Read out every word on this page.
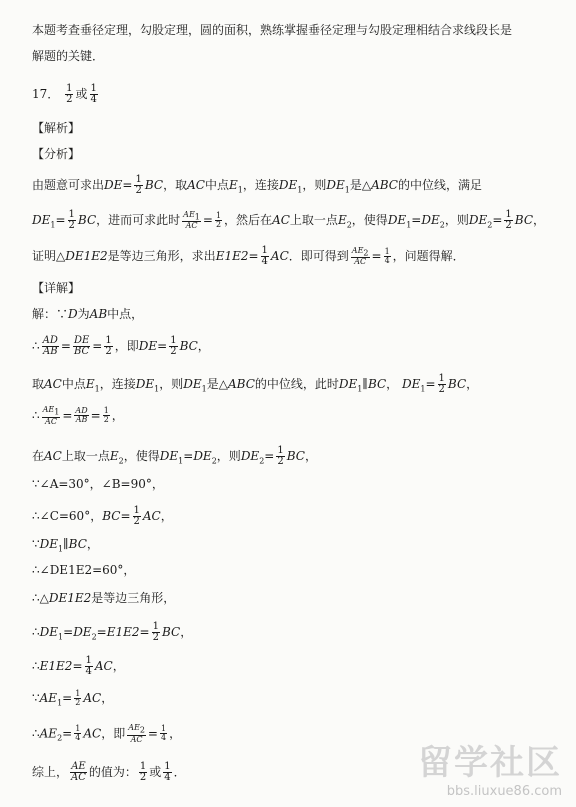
本题考查垂径定理，勾股定理，圆的面积，熟练掌握垂径定理与勾股定理相结合求线段长是
解题的关键．
17． $\frac{1}{2}$ 或 $\frac{1}{4}$
【解析】
【分析】
由题意可求出$DE= \frac{1}{2}$ BC，取AC中点$E_1$，连接$DE_1$，则$DE_1$是△ABC的中位线，满足
$DE_1= \frac{1}{2}$ BC，进而可求此时 $\frac{AE_1}{AC} = \frac{1}{2}$ ，然后在AC上取一点$E_2$，使得$DE_1=DE_2$，则$DE_2= \frac{1}{2}$ BC，
证明△DE1E2是等边三角形，求出$E1E2= \frac{1}{4}$ AC．即可得到 $\frac{AE_2}{AC} = \frac{1}{4}$ ，问题得解．
【详解】
解：∵D为AB中点，
∴ $\frac{AD}{AB} = \frac{DE}{BC} = \frac{1}{2}$ ，即$DE= \frac{1}{2}$ BC，
取AC中点$E_1$，连接$DE_1$，则$DE_1$是△ABC的中位线，此时$DE_1\parallel BC$， $DE_1= \frac{1}{2}$ BC，
∴ $\frac{AE_1}{AC} = \frac{AD}{AB} = \frac{1}{2}$ ，
在AC上取一点$E_2$，使得$DE_1=DE_2$，则$DE_2= \frac{1}{2}$ BC，
∵∠A=30°，∠B=90°，
∴∠C=60°，$BC= \frac{1}{2}$ AC，
$\because DE_1\parallel BC$，
∴∠DE1E2=60°，
∴△DE1E2是等边三角形，
$\therefore DE_1=DE_2=E1E2= \frac{1}{2}$ BC，
∴E1E2= $\frac{1}{4}$ AC，
$\because AE_1= \frac{1}{2}$ AC，
$\therefore AE_2= \frac{1}{4}$ AC，即 $\frac{AE_2}{AC} = \frac{1}{4}$ ，
综上， $\frac{AE}{AC}$ 的值为： $\frac{1}{2}$ 或 $\frac{1}{4}$ ．	留学社区
bbs.liuxue86.com
